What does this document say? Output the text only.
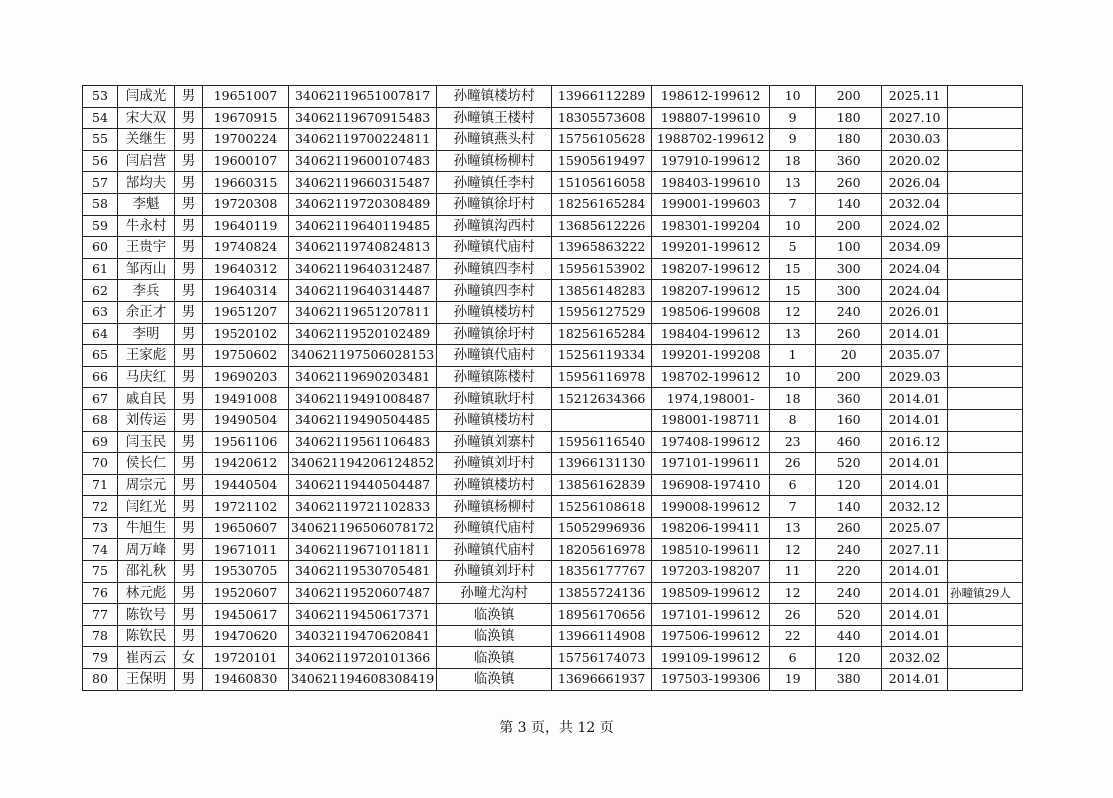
53	闫成光	男	19651007	34062119651007817	孙疃镇楼坊村	13966112289	198612-199612	10	200	2025.11	
54	宋大双	男	19670915	34062119670915483	孙疃镇王楼村	18305573608	198807-199610	9	180	2027.10	
55	关继生	男	19700224	34062119700224811	孙疃镇燕头村	15756105628	1988702-199612	9	180	2030.03	
56	闫启营	男	19600107	34062119600107483	孙疃镇杨柳村	15905619497	197910-199612	18	360	2020.02	
57	郜均夫	男	19660315	34062119660315487	孙疃镇任李村	15105616058	198403-199610	13	260	2026.04	
58	李魁	男	19720308	34062119720308489	孙疃镇徐圩村	18256165284	199001-199603	7	140	2032.04	
59	牛永村	男	19640119	34062119640119485	孙疃镇沟西村	13685612226	198301-199204	10	200	2024.02	
60	王贵宇	男	19740824	34062119740824813	孙疃镇代庙村	13965863222	199201-199612	5	100	2034.09	
61	邹丙山	男	19640312	34062119640312487	孙疃镇四李村	15956153902	198207-199612	15	300	2024.04	
62	李兵	男	19640314	34062119640314487	孙疃镇四李村	13856148283	198207-199612	15	300	2024.04	
63	余正才	男	19651207	34062119651207811	孙疃镇楼坊村	15956127529	198506-199608	12	240	2026.01	
64	李明	男	19520102	34062119520102489	孙疃镇徐圩村	18256165284	198404-199612	13	260	2014.01	
65	王家彪	男	19750602	340621197506028153	孙疃镇代庙村	15256119334	199201-199208	1	20	2035.07	
66	马庆红	男	19690203	34062119690203481	孙疃镇陈楼村	15956116978	198702-199612	10	200	2029.03	
67	戚自民	男	19491008	34062119491008487	孙疃镇耿圩村	15212634366	1974,198001-	18	360	2014.01	
68	刘传运	男	19490504	34062119490504485	孙疃镇楼坊村		198001-198711	8	160	2014.01	
69	闫玉民	男	19561106	34062119561106483	孙疃镇刘寨村	15956116540	197408-199612	23	460	2016.12	
70	侯长仁	男	19420612	340621194206124852	孙疃镇刘圩村	13966131130	197101-199611	26	520	2014.01	
71	周宗元	男	19440504	34062119440504487	孙疃镇楼坊村	13856162839	196908-197410	6	120	2014.01	
72	闫红光	男	19721102	34062119721102833	孙疃镇杨柳村	15256108618	199008-199612	7	140	2032.12	
73	牛旭生	男	19650607	340621196506078172	孙疃镇代庙村	15052996936	198206-199411	13	260	2025.07	
74	周万峰	男	19671011	34062119671011811	孙疃镇代庙村	18205616978	198510-199611	12	240	2027.11	
75	邵礼秋	男	19530705	34062119530705481	孙疃镇刘圩村	18356177767	197203-198207	11	220	2014.01	
76	林元彪	男	19520607	34062119520607487	孙疃尤沟村	13855724136	198509-199612	12	240	2014.01	孙疃镇29人
77	陈钦号	男	19450617	34062119450617371	临涣镇	18956170656	197101-199612	26	520	2014.01	
78	陈钦民	男	19470620	34032119470620841	临涣镇	13966114908	197506-199612	22	440	2014.01	
79	崔丙云	女	19720101	34062119720101366	临涣镇	15756174073	199109-199612	6	120	2032.02	
80	王保明	男	19460830	340621194608308419	临涣镇	13696661937	197503-199306	19	380	2014.01	
第 3 页，共 12 页
